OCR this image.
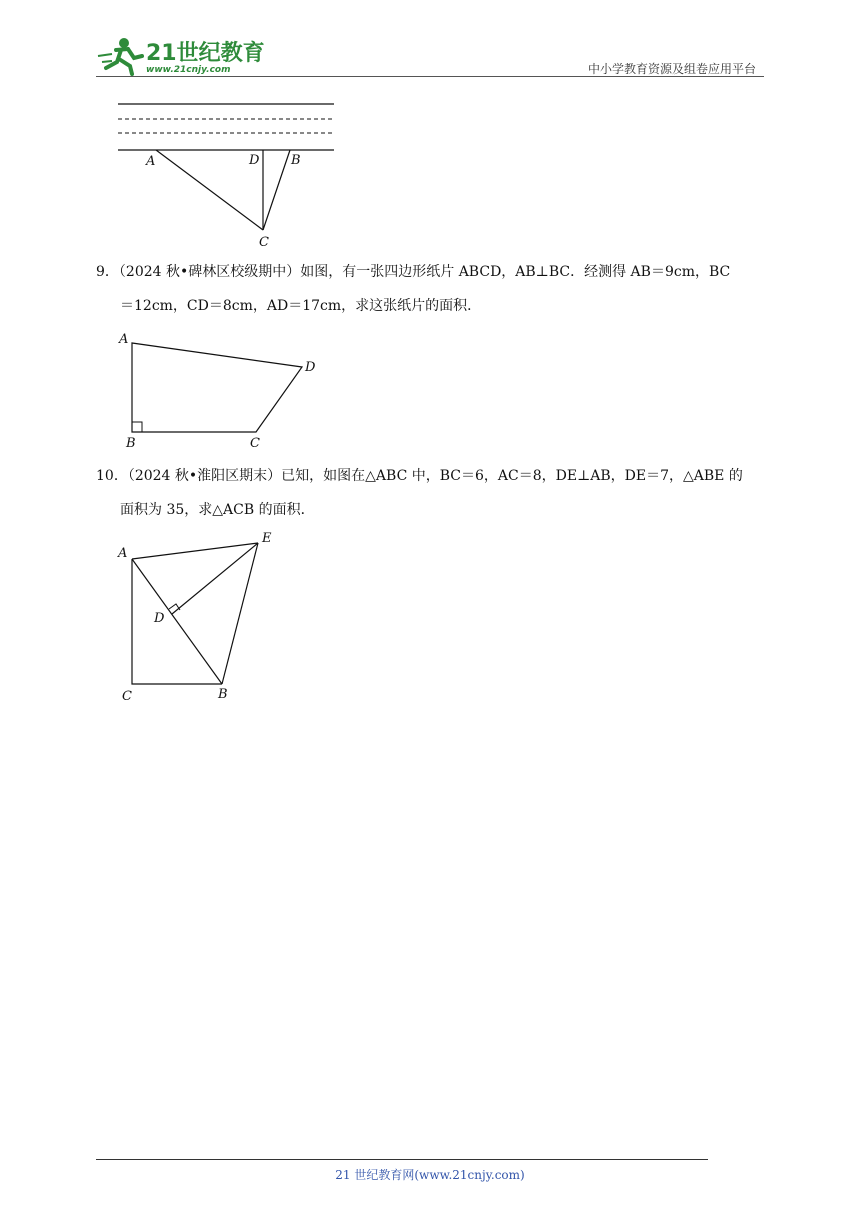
21世纪教育
www.21cnjy.com	中小学教育资源及组卷应用平台
A	D B
C
9．（2024 秋•碑林区校级期中）如图，有一张四边形纸片 ABCD，AB⊥BC．经测得 AB＝9cm，BC
＝12cm，CD＝8cm，AD＝17cm，求这张纸片的面积．
A
B	C
D
10．（2024 秋•淮阳区期末）已知，如图在△ABC 中，BC＝6，AC＝8，DE⊥AB，DE＝7，△ABE 的
面积为 35，求△ACB 的面积．
A
E
D
C	B
21 世纪教育网(www.21cnjy.com)
